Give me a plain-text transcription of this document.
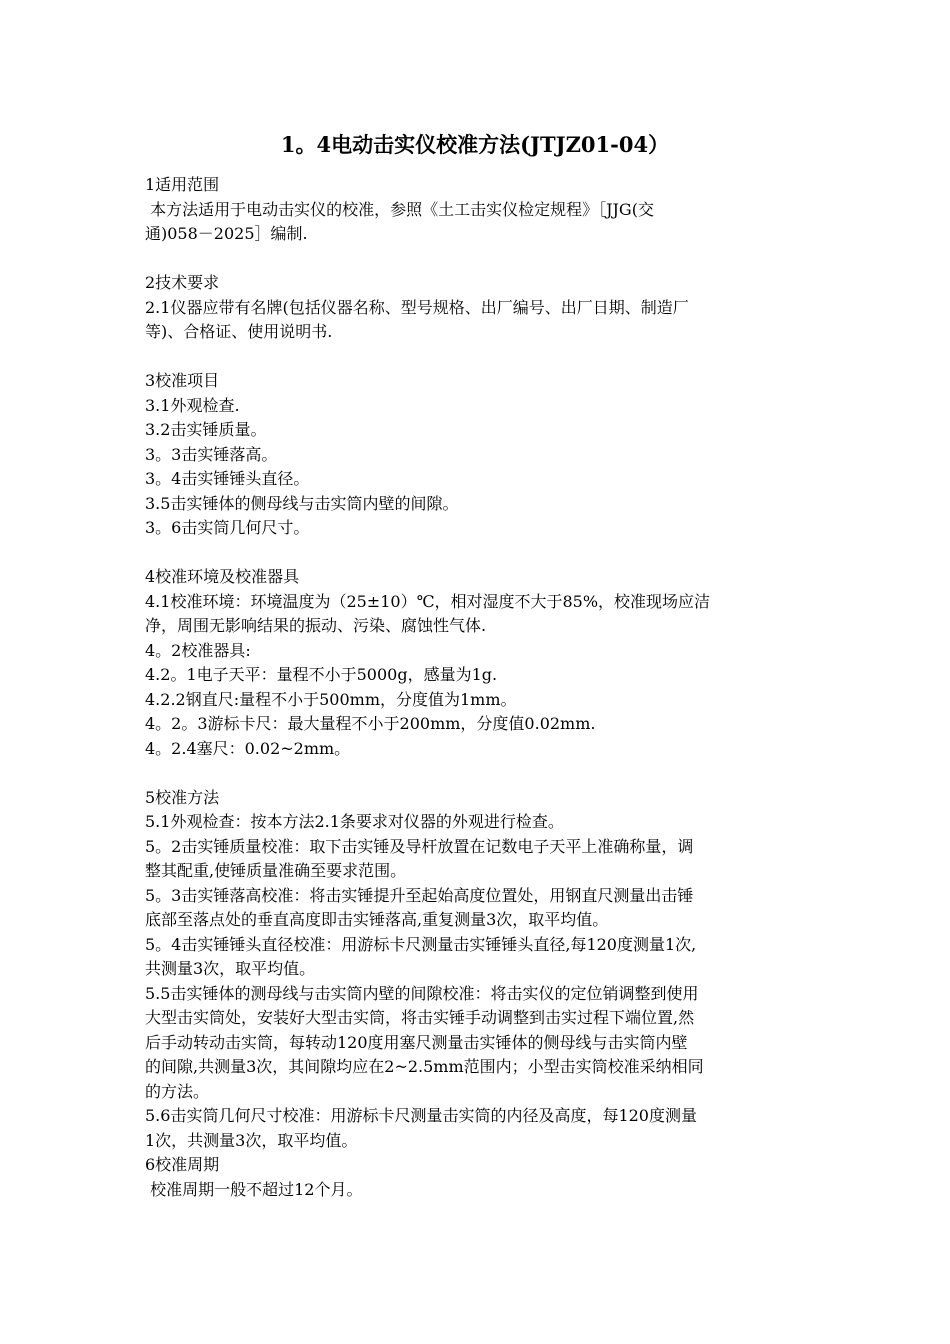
1。4电动击实仪校准方法(JTJZ01-04）
1适用范围
本方法适用于电动击实仪的校准，参照《土工击实仪检定规程》［JJG(交
通)058－2025］编制.
2技术要求
2.1仪器应带有名牌(包括仪器名称、型号规格、出厂编号、出厂日期、制造厂
等)、合格证、使用说明书.
3校准项目
3.1外观检查.
3.2击实锤质量。
3。3击实锤落高。
3。4击实锤锤头直径。
3.5击实锤体的侧母线与击实筒内壁的间隙。
3。6击实筒几何尺寸。
4校准环境及校准器具
4.1校准环境：环境温度为（25±10）℃，相对湿度不大于85%，校准现场应洁
净，周围无影响结果的振动、污染、腐蚀性气体.
4。2校准器具:
4.2。1电子天平：量程不小于5000g，感量为1g.
4.2.2钢直尺:量程不小于500mm，分度值为1mm。
4。2。3游标卡尺：最大量程不小于200mm，分度值0.02mm.
4。2.4塞尺：0.02~2mm。
5校准方法
5.1外观检查：按本方法2.1条要求对仪器的外观进行检查。
5。2击实锤质量校准：取下击实锤及导杆放置在记数电子天平上准确称量，调
整其配重,使锤质量准确至要求范围。
5。3击实锤落高校准：将击实锤提升至起始高度位置处，用钢直尺测量出击锤
底部至落点处的垂直高度即击实锤落高,重复测量3次，取平均值。
5。4击实锤锤头直径校准：用游标卡尺测量击实锤锤头直径,每120度测量1次,
共测量3次，取平均值。
5.5击实锤体的测母线与击实筒内壁的间隙校准：将击实仪的定位销调整到使用
大型击实筒处，安装好大型击实筒，将击实锤手动调整到击实过程下端位置,然
后手动转动击实筒，每转动120度用塞尺测量击实锤体的侧母线与击实筒内壁
的间隙,共测量3次，其间隙均应在2~2.5mm范围内；小型击实筒校准采纳相同
的方法。
5.6击实筒几何尺寸校准：用游标卡尺测量击实筒的内径及高度，每120度测量
1次，共测量3次，取平均值。
6校准周期
校准周期一般不超过12个月。
